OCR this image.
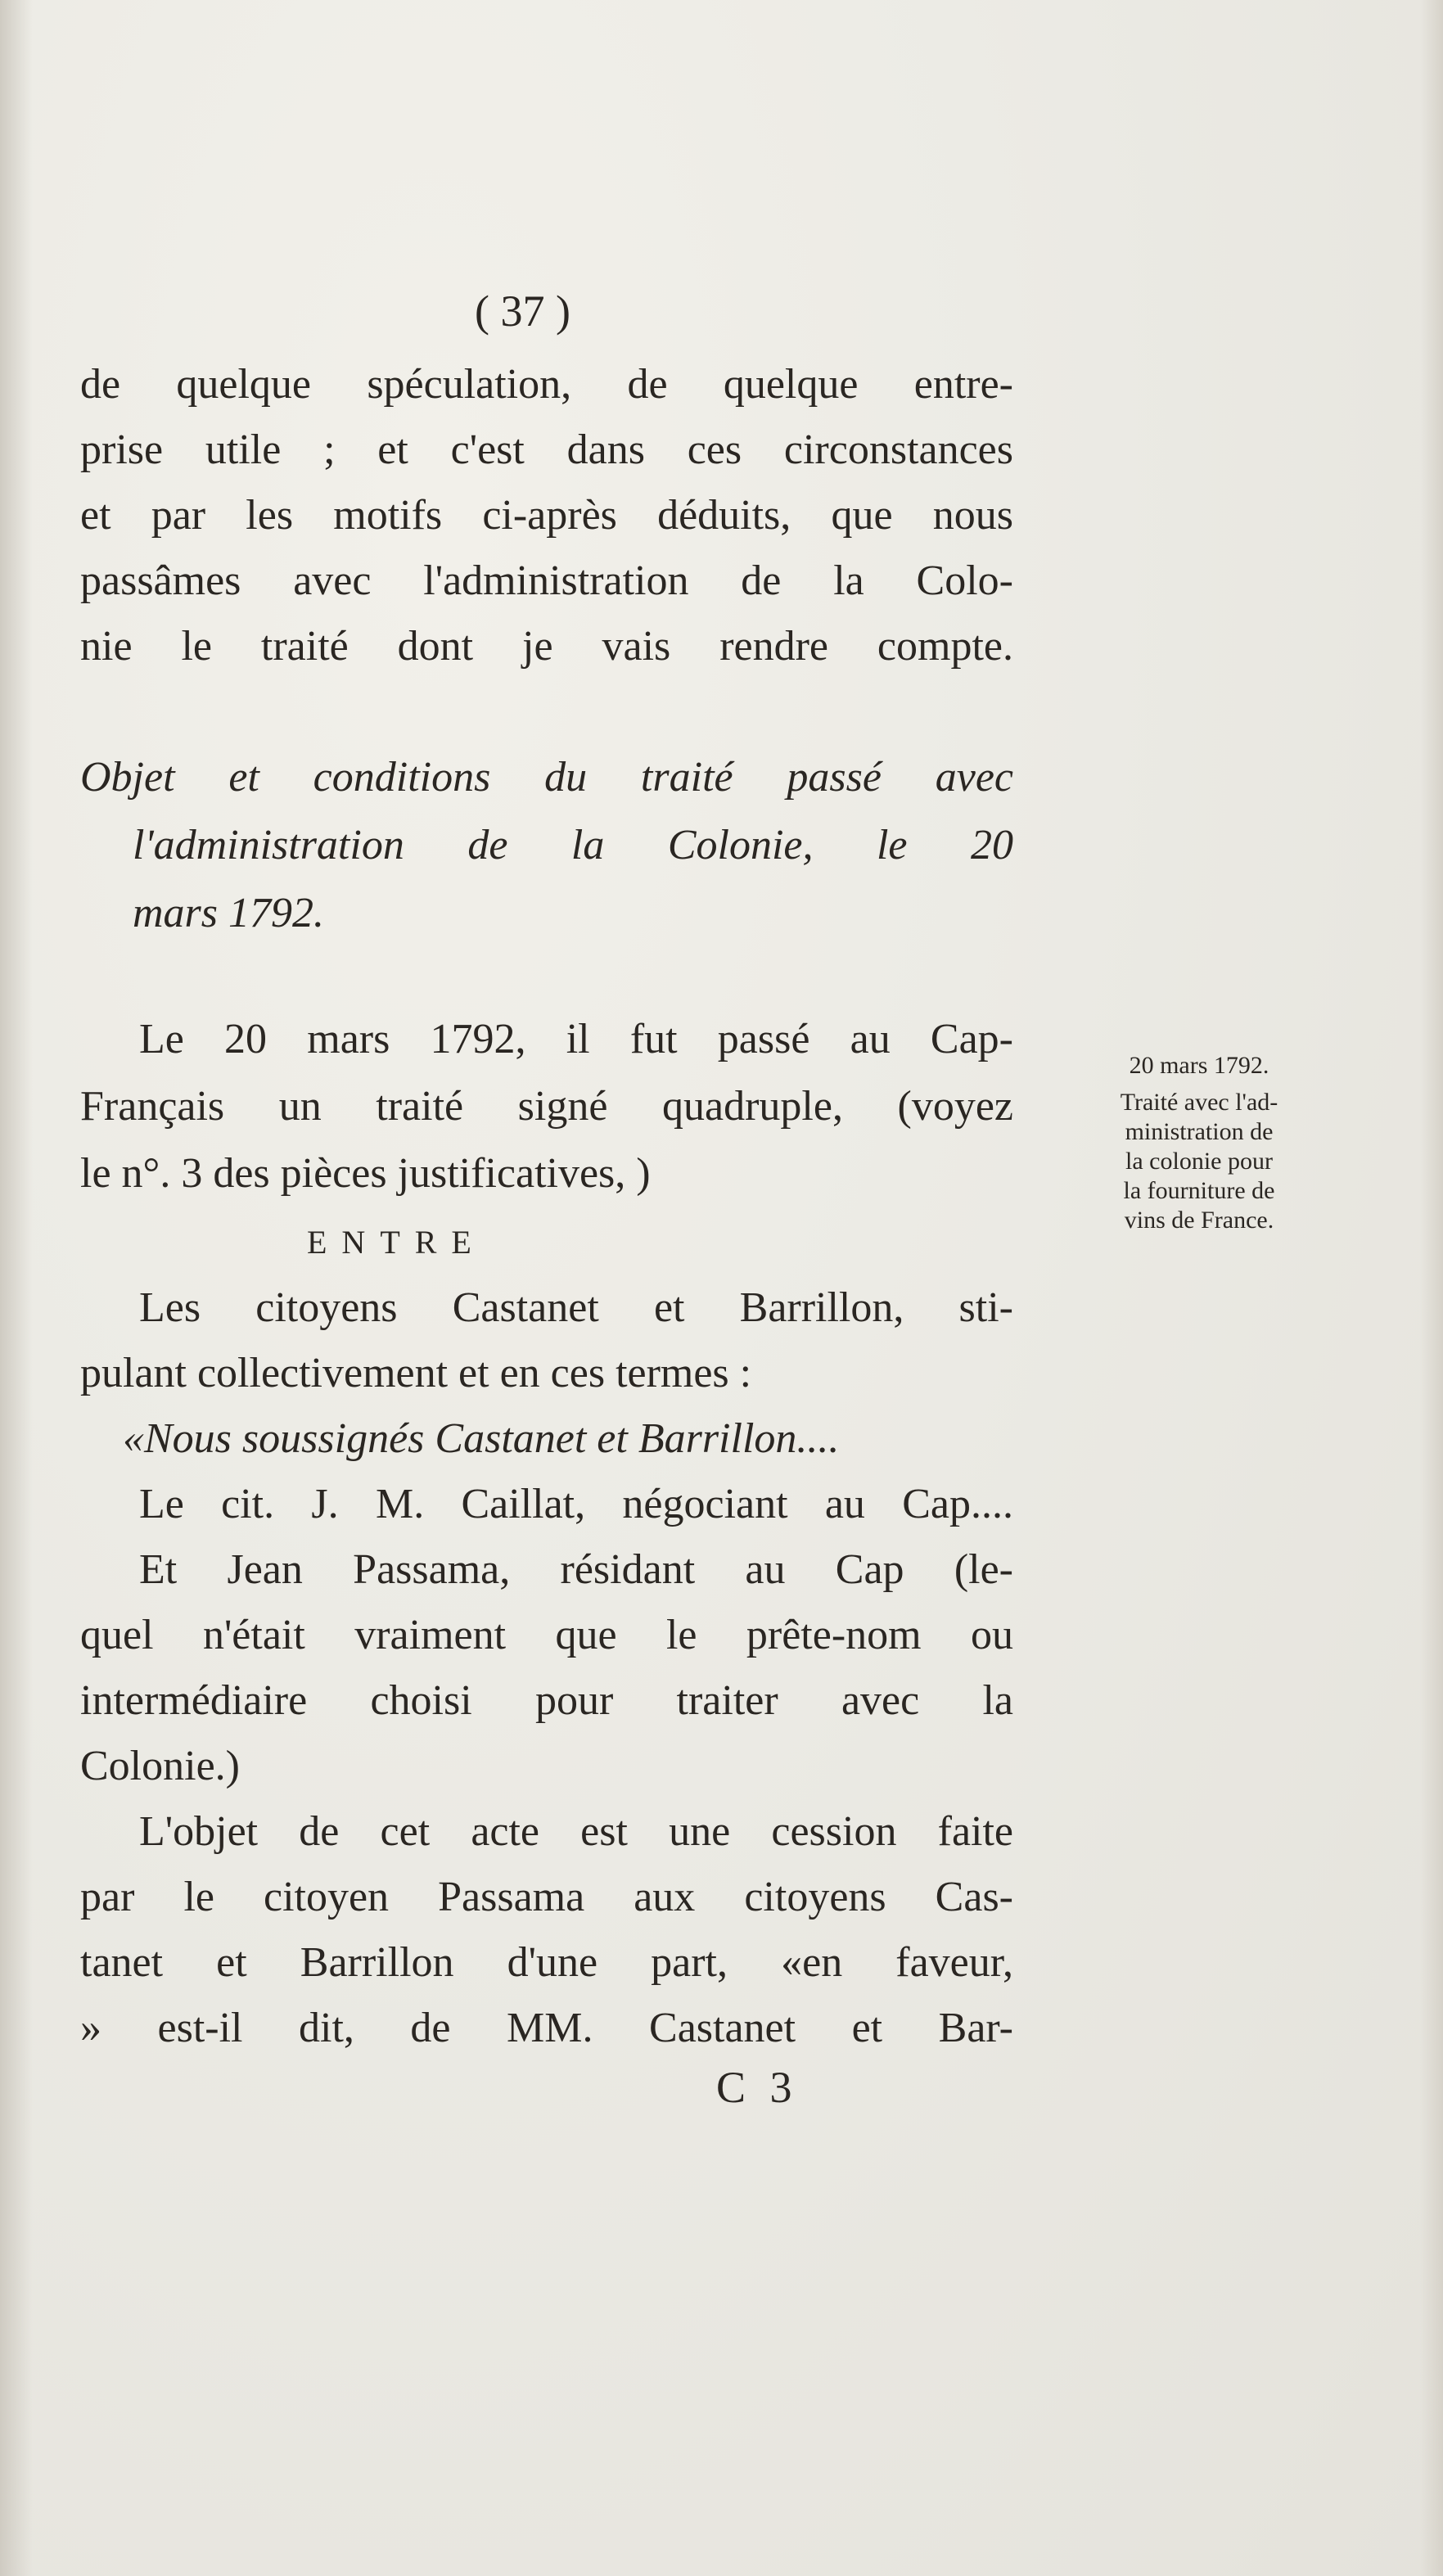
( 37 )
de quelque spéculation, de quelque entre-
prise utile ; et c'est dans ces circonstances
et par les motifs ci-après déduits, que nous
passâmes avec l'administration de la Colo-
nie le traité dont je vais rendre compte.
Objet et conditions du traité passé avec
l'administration de la Colonie, le 20
mars 1792.
Le 20 mars 1792, il fut passé au Cap-
Français un traité signé quadruple, (voyez
le n°. 3 des pièces justificatives, )
ENTRE
Les citoyens Castanet et Barrillon, sti-
pulant collectivement et en ces termes :
«Nous soussignés Castanet et Barrillon....
Le cit. J. M. Caillat, négociant au Cap....
Et Jean Passama, résidant au Cap (le-
quel n'était vraiment que le prête-nom ou
intermédiaire choisi pour traiter avec la
Colonie.)
L'objet de cet acte est une cession faite
par le citoyen Passama aux citoyens Cas-
tanet et Barrillon d'une part, «en faveur,
» est-il dit, de MM. Castanet et Bar-
C 3
20 mars 1792.
Traité avec l'ad-
ministration de
la colonie pour
la fourniture de
vins de France.
